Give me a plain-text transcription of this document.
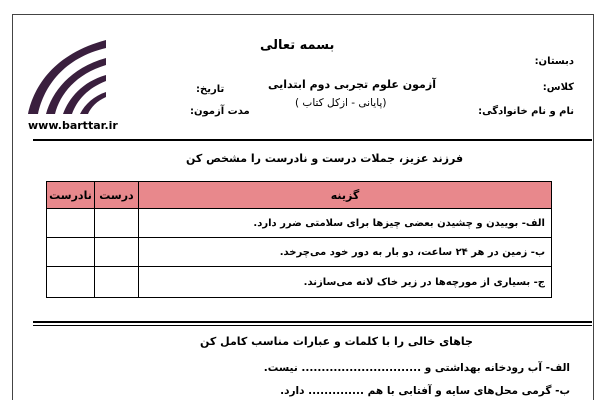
بسمه تعالی
دبستان:
کلاس:
نام و نام خانوادگی:
آزمون علوم تجربی دوم ابتدایی
(پایانی - ازکل کتاب )
تاریخ:
مدت آزمون:
www.barttar.ir
فرزند عزیز، جملات درست و نادرست را مشخص کن
نادرست	درست	گزینه
		الف- بوییدن و چشیدن بعضی چیزها برای سلامتی ضرر دارد.
		ب- زمین در هر ۲۴ ساعت، دو بار به دور خود می‌چرخد.
		ج- بسیاری از مورچه‌ها در زیر خاک لانه می‌سازند.
جاهای خالی را با کلمات و عبارات مناسب کامل کن
الف- آب رودخانه بهداشتی و .............................. نیست.
ب- گرمی محل‌های سایه و آفتابی با هم .............. دارد.
